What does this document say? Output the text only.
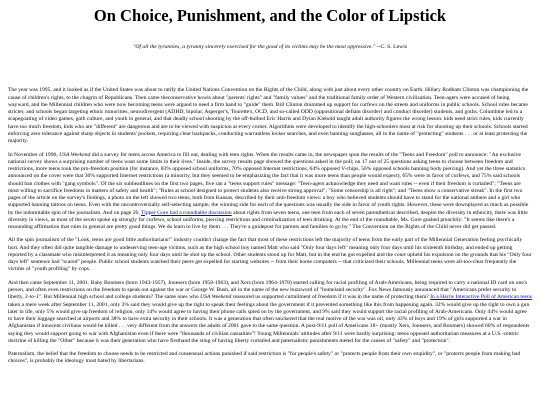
On Choice, Punishment, and the Color of Lipstick
"Of all the tyrannies, a tyranny sincerely exercised for the good of its victims may be the most oppressive." --C. S. Lewis

The year was 1995, and it looked as if the United States was about to ratify the United Nations Convention on the Rights of the Child, along with just about every other country on Earth. Hillary Rodham Clinton was championing the cause of children's rights, to the chagrin of Republicans. Then came theconservative howls about "parents' rights" and "family values" and the traditional family order of Western civilization. Teen-agers were accused of being wayward, and the Millennial children who were now becoming teens were argued to need a firm hand to "guide" them. Bill Clinton drummed up support for curfews on the streets and uniforms in public schools. School rules became stricter, and schools began targeting ethnic minorities, neurodivergent (ADHD, bipolar, Asperger's, Tourette's, OCD, and so-called ODD (oppositional defiant disorder) and conduct disorder) students, and goths. Columbine led to a scapegoating of video games, goth culture, and youth in general, and that deadly school shooting by the off-bullied Eric Harris and Dylan Klebold taught adult authority figures the wrong lesson: kids need strict rules, kids currently have too much freedom, kids who are "different" are dangerous and are to be viewed with suspicion at every corner. Algorithms were developed to identify the high-schoolers most at risk for shooting up their schools. Schools started enforcing zero tolerance against sharp objects in students' pockets, requiring clear backpacks, conducting warrantless locker searches, and even banning sunglasses, all in the name of "protecting" students . . . or at least protecting the majority.

In November of 1996, USA Weekend did a survey for teens across America to fill out, dealing with teen rights. When the results came in, the newspaper spun the results of the "Teens and Freedom" poll to announce: "An exclusive national survey shows a surprising number of teens want some limits in their lives." Inside, the survey results page showed the questions asked in the poll; on 17 out of 25 questions asking teens to choose between freedom and restrictions, more teens took the pro-freedom position (for instance, 83% opposed school uniforms, 70% opposed Internet restrictions, 64% opposed V-chips, 56% opposed schools banning body piercing). And yet the three statistics announced on the cover were that 30% supported Internet restrictions (a minority, but they seemed to be emphasizing the fact that it was more teens than people would expect), 65% were in favor of curfews, and 75% said schools should ban clothes with "gang symbols". Of the six subheadlines on the first two pages, five ran a "teens support rules" message: "Teen-agers acknowledge they need and want rules -- even if their freedom is curtailed"; "Teens are most willing to sacrifice freedoms in matters of safety and health"; "Rules at school designed to protect students also receive strong approval"; "Some censorship is all right"; and "Teens show a conservative streak". In the first two pages of the article on the survey's findings, a photo on the left showed two teens, both from Kansas, described by their anti-freedom views: a boy who believed students should have to stand for the national anthem and a girl who supported banning tattoos on teens. Even with the uncontroversially self-selecting sample, the winning side for each of the questions was usually the side in favor of youth rights. However, these were downplayed as much as possible by the indomitable spin of the journalism. And on page 26, Tipper Gore had a roundtable discussion about rights from seven teens, one teen from each of seven parenthetical described, despite the diversity in ethnicity, there was little diversity in views, as most of the seven spoke up strongly for curfews, school uniforms, piercing restrictions and criminalization of teen drinking. At the end of the roundtable, Ms. Gore gushed preachily: "It seems like there's a resounding affirmation that rules in general are pretty good things. We do learn to live by them . . . They're a guidepost for parents and families to go by." The Convention on the Rights of the Child never did get passed.

All the spin journalism of the "Look, teens are good little authoritarians!" industry couldn't change the fact that most of these restrictions left the majority of teens from the early part of the Millennial Generation feeling psychically hurt. And they often did quite tangible damage to undeserving teen-age victims, such as the high school boy named Matt who said "Only four days left" meaning only four days until his sixteenth birthday, and ended up getting reported by a classmate who misinterpreted it as meaning only four days until he shot up the school. Other students stood up for Matt, but in the end he got expelled and the court upheld his expulsion on the grounds that his "Only four days left" sentence had "scared" people. Public school students watched their peers get expelled for starting websites -- from their home computers -- that criticized their schools. Millennial teens were all-too-clear frequently the victims of "youth profiling" by cops.

And then came September 11, 2001. Baby Boomers (born 1943-1957), Jonesers (born 1958-1963), and Xers (born 1964-1978) started calling for racial profiling of Arab-Americans, being required to carry a national ID card on one's person, and often even restrictions on the freedom to speak out against the war or George W. Bush, all in the name of the new buzzword of "homeland security". Fox News famously announced that "Americans prefer security to liberty, 2-to-1". But Millennial high school and college students? The same ones who USA Weekend reassured us supported curtailment of freedom if it was in the name of protecting them? In a Harris Interactive Poll of American teens taken a mere week after September 11, 2001, only 3% said they would give up the right to speak their feelings about the government if it prevented something like this from happening again. 32% would give up the right to own a gun later in life, only 5% would give up freedom of religion, only 14% would agree to having their phone calls spied on by the government, and 9% said they would support the racial profiling of Arab-Americans. Only 44% would agree to have their luggage searched at airports and 38% to have extra security in their schools. It was a generation that often snickered that the real motive of the war was oil, only 43% of boys and 19% of girls supported a war in Afghanistan if innocent civilians would be killed . . . very different from the answers the adults of 2001 gave to the same question. A post-9/11 poll of Americans 18+ (mostly Xers, Jonesers, and Boomers) showed 60% of respondents saying they would support going to war with Afghanistan even if there were "thousands of civilian casualties"! Young Millennials' attitudes after 9/11 were hardly surprising: teens opposed authoritarian measures at a U.S.-centric doctrine of killing the "Other" because it was their generation who have firsthand the sting of having liberty curtailed and paternalistic punishments meted for the causes of "safety" and "protection".

Paternalism, the belief that the freedom to choose needs to be restricted and consensual actions punished if said restriction is "for people's safety" or "protects people from their own stupidity", or "protects people from making bad choices", is probably the ideology most hated by libertarians.
